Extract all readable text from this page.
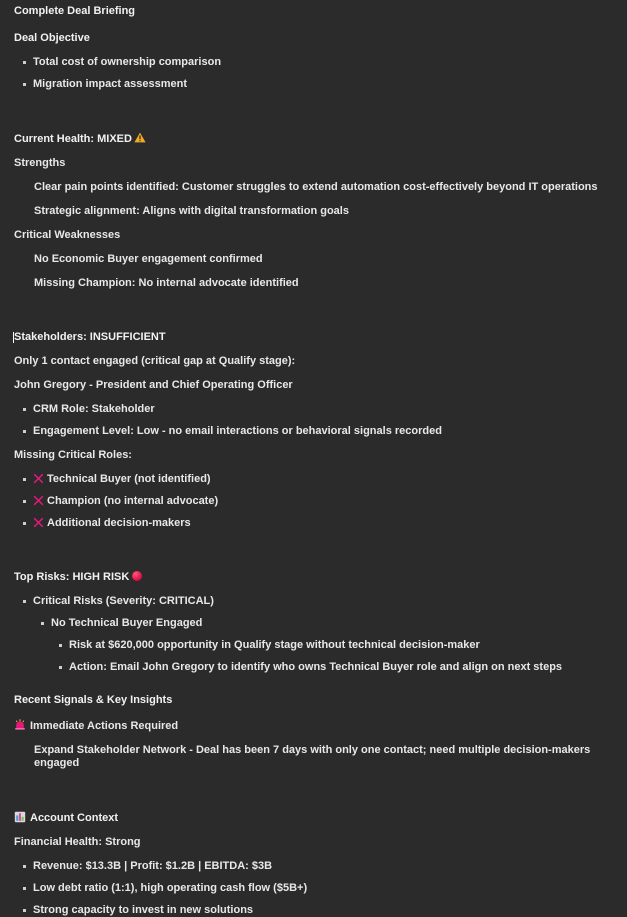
Complete Deal Briefing
Deal Objective
Total cost of ownership comparison
Migration impact assessment
Current Health: MIXED
Strengths
Clear pain points identified: Customer struggles to extend automation cost-effectively beyond IT operations
Strategic alignment: Aligns with digital transformation goals
Critical Weaknesses
No Economic Buyer engagement confirmed
Missing Champion: No internal advocate identified
Stakeholders: INSUFFICIENT
Only 1 contact engaged (critical gap at Qualify stage):
John Gregory - President and Chief Operating Officer
CRM Role: Stakeholder
Engagement Level: Low - no email interactions or behavioral signals recorded
Missing Critical Roles:
Technical Buyer (not identified)
Champion (no internal advocate)
Additional decision-makers
Top Risks: HIGH RISK
Critical Risks (Severity: CRITICAL)
No Technical Buyer Engaged
Risk at $620,000 opportunity in Qualify stage without technical decision-maker
Action: Email John Gregory to identify who owns Technical Buyer role and align on next steps
Recent Signals & Key Insights
Immediate Actions Required
Expand Stakeholder Network - Deal has been 7 days with only one contact; need multiple decision-makers engaged
Account Context
Financial Health: Strong
Revenue: $13.3B | Profit: $1.2B | EBITDA: $3B
Low debt ratio (1:1), high operating cash flow ($5B+)
Strong capacity to invest in new solutions
